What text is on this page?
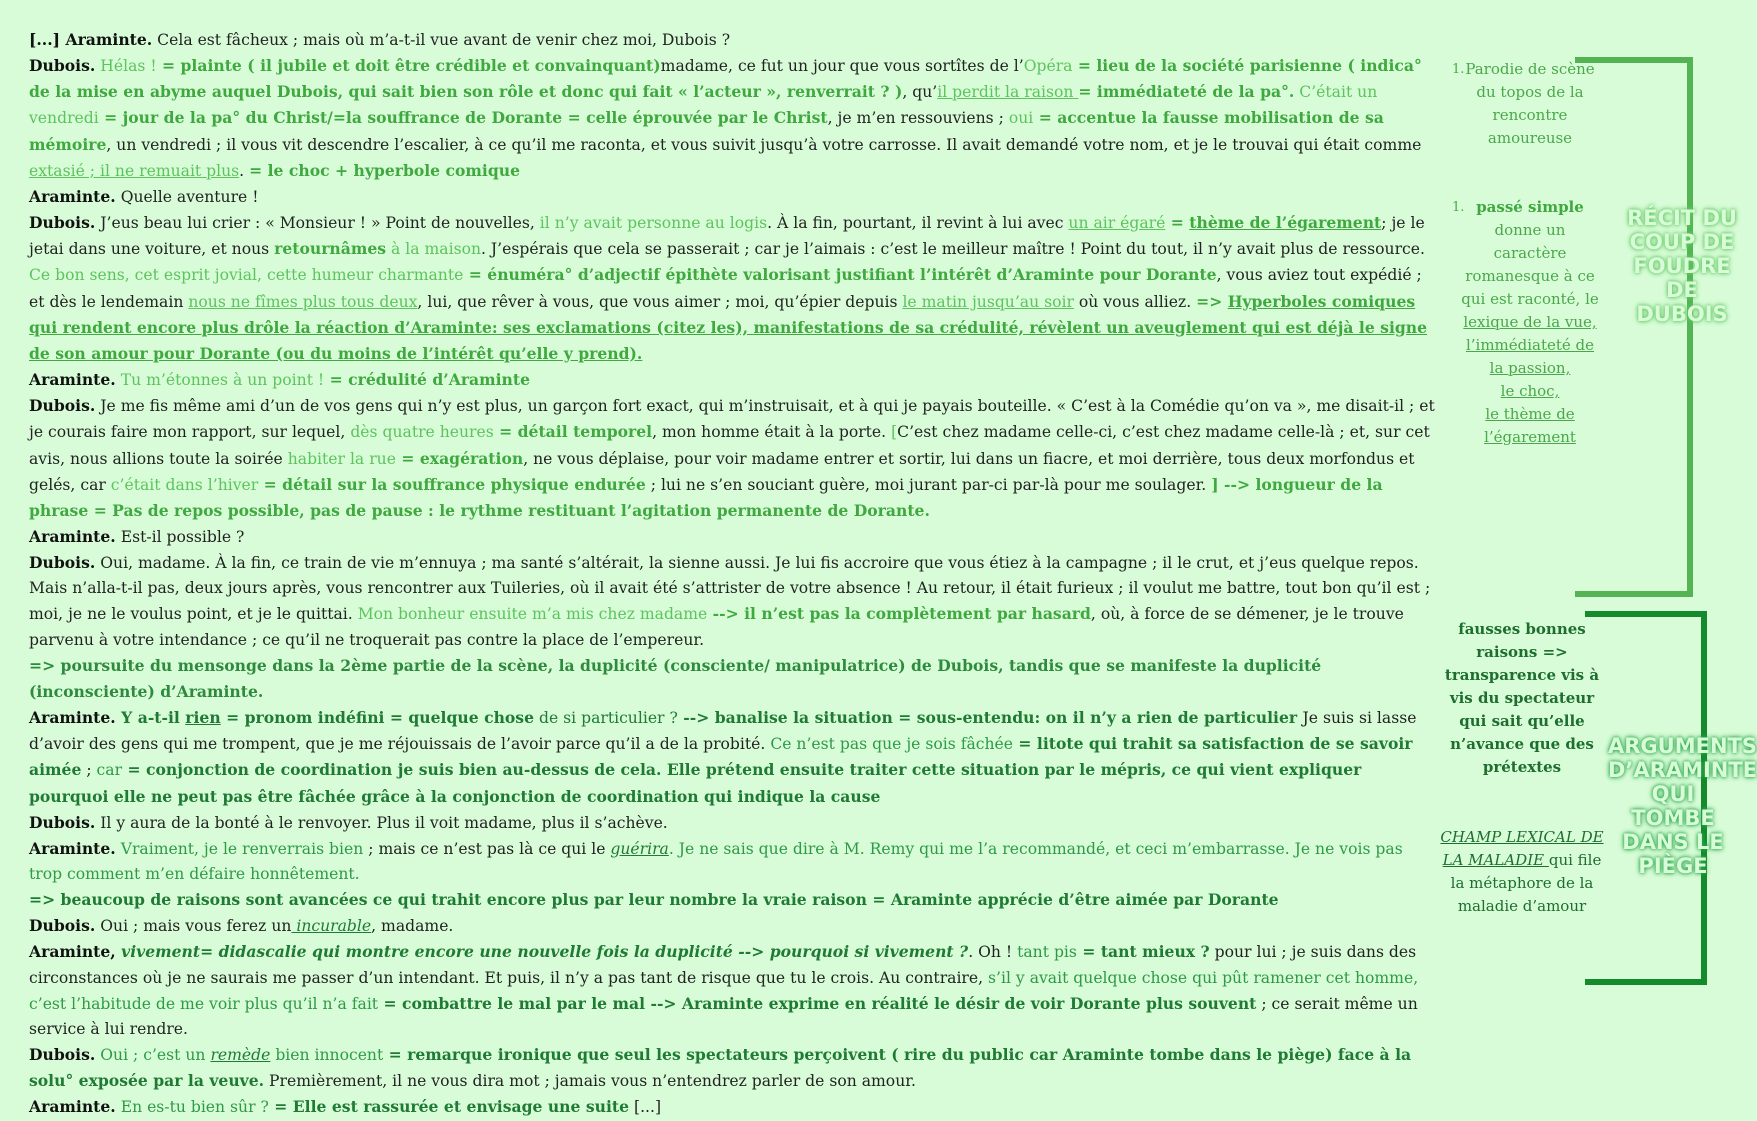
[...] Araminte. Cela est fâcheux ; mais où m’a-t-il vue avant de venir chez moi, Dubois ?

Dubois. Hélas ! = plainte ( il jubile et doit être crédible et convainquant)madame, ce fut un jour que vous sortîtes de l’Opéra = lieu de la société parisienne ( indica° de la mise en abyme auquel Dubois, qui sait bien son rôle et donc qui fait « l’acteur », renverrait ? ), qu’il perdit la raison = immédiateté de la pa°. C’était un vendredi = jour de la pa° du Christ/=la souffrance de Dorante = celle éprouvée par le Christ, je m’en ressouviens ; oui = accentue la fausse mobilisation de sa mémoire, un vendredi ; il vous vit descendre l’escalier, à ce qu’il me raconta, et vous suivit jusqu’à votre carrosse. Il avait demandé votre nom, et je le trouvai qui était comme extasié ; il ne remuait plus. = le choc + hyperbole comique

Araminte. Quelle aventure !

Dubois. J’eus beau lui crier : « Monsieur ! » Point de nouvelles, il n’y avait personne au logis. À la fin, pourtant, il revint à lui avec un air égaré = thème de l’égarement; je le jetai dans une voiture, et nous retournâmes à la maison. J’espérais que cela se passerait ; car je l’aimais : c’est le meilleur maître ! Point du tout, il n’y avait plus de ressource. Ce bon sens, cet esprit jovial, cette humeur charmante = énuméra° d’adjectif épithète valorisant justifiant l’intérêt d’Araminte pour Dorante, vous aviez tout expédié ; et dès le lendemain nous ne fîmes plus tous deux, lui, que rêver à vous, que vous aimer ; moi, qu’épier depuis le matin jusqu’au soir où vous alliez. => Hyperboles comiques qui rendent encore plus drôle la réaction d’Araminte: ses exclamations (citez les), manifestations de sa crédulité, révèlent un aveuglement qui est déjà le signe de son amour pour Dorante (ou du moins de l’intérêt qu’elle y prend).

Araminte. Tu m’étonnes à un point ! = crédulité d’Araminte

Dubois. Je me fis même ami d’un de vos gens qui n’y est plus, un garçon fort exact, qui m’instruisait, et à qui je payais bouteille. « C’est à la Comédie qu’on va », me disait-il ; et je courais faire mon rapport, sur lequel, dès quatre heures = détail temporel, mon homme était à la porte. [C’est chez madame celle-ci, c’est chez madame celle-là ; et, sur cet avis, nous allions toute la soirée habiter la rue = exagération, ne vous déplaise, pour voir madame entrer et sortir, lui dans un fiacre, et moi derrière, tous deux morfondus et gelés, car c’était dans l’hiver = détail sur la souffrance physique endurée ; lui ne s’en souciant guère, moi jurant par-ci par-là pour me soulager. ] --> longueur de la phrase = Pas de repos possible, pas de pause : le rythme restituant l’agitation permanente de Dorante.

Araminte. Est-il possible ?

Dubois. Oui, madame. À la fin, ce train de vie m’ennuya ; ma santé s’altérait, la sienne aussi. Je lui fis accroire que vous étiez à la campagne ; il le crut, et j’eus quelque repos. Mais n’alla-t-il pas, deux jours après, vous rencontrer aux Tuileries, où il avait été s’attrister de votre absence ! Au retour, il était furieux ; il voulut me battre, tout bon qu’il est ; moi, je ne le voulus point, et je le quittai. Mon bonheur ensuite m’a mis chez madame --> il n’est pas la complètement par hasard, où, à force de se démener, je le trouve parvenu à votre intendance ; ce qu’il ne troquerait pas contre la place de l’empereur.

=> poursuite du mensonge dans la 2ème partie de la scène, la duplicité (consciente/ manipulatrice) de Dubois, tandis que se manifeste la duplicité (inconsciente) d’Araminte.

Araminte. Y a-t-il rien = pronom indéfini = quelque chose de si particulier ? --> banalise la situation = sous-entendu: on il n’y a rien de particulier Je suis si lasse d’avoir des gens qui me trompent, que je me réjouissais de l’avoir parce qu’il a de la probité. Ce n’est pas que je sois fâchée = litote qui trahit sa satisfaction de se savoir aimée ; car = conjonction de coordination je suis bien au-dessus de cela. Elle prétend ensuite traiter cette situation par le mépris, ce qui vient expliquer pourquoi elle ne peut pas être fâchée grâce à la conjonction de coordination qui indique la cause

Dubois. Il y aura de la bonté à le renvoyer. Plus il voit madame, plus il s’achève.

Araminte. Vraiment, je le renverrais bien ; mais ce n’est pas là ce qui le guérira. Je ne sais que dire à M. Remy qui me l’a recommandé, et ceci m’embarrasse. Je ne vois pas trop comment m’en défaire honnêtement.

=> beaucoup de raisons sont avancées ce qui trahit encore plus par leur nombre la vraie raison = Araminte apprécie d’être aimée par Dorante

Dubois. Oui ; mais vous ferez un incurable, madame.

Araminte, vivement= didascalie qui montre encore une nouvelle fois la duplicité --> pourquoi si vivement ?. Oh ! tant pis = tant mieux ? pour lui ; je suis dans des circonstances où je ne saurais me passer d’un intendant. Et puis, il n’y a pas tant de risque que tu le crois. Au contraire, s’il y avait quelque chose qui pût ramener cet homme, c’est l’habitude de me voir plus qu’il n’a fait = combattre le mal par le mal --> Araminte exprime en réalité le désir de voir Dorante plus souvent ; ce serait même un service à lui rendre.

Dubois. Oui ; c’est un remède bien innocent = remarque ironique que seul les spectateurs perçoivent ( rire du public car Araminte tombe dans le piège) face à la solu° exposée par la veuve. Premièrement, il ne vous dira mot ; jamais vous n’entendrez parler de son amour.

Araminte. En es-tu bien sûr ? = Elle est rassurée et envisage une suite [...]

1. Parodie de scène du topos de la rencontre amoureuse
1. passé simple
donne un caractère romanesque à ce qui est raconté, le
lexique de la vue,
l’immédiateté de la passion,
le choc,
le thème de l’égarement
RÉCIT DU COUP DE FOUDRE DE DUBOIS
fausses bonnes raisons => transparence vis à vis du spectateur qui sait qu’elle n’avance que des prétextes
CHAMP LEXICAL DE LA MALADIE qui file la métaphore de la maladie d’amour
ARGUMENTS D’ARAMINTE QUI TOMBE DANS LE PIÈGE
